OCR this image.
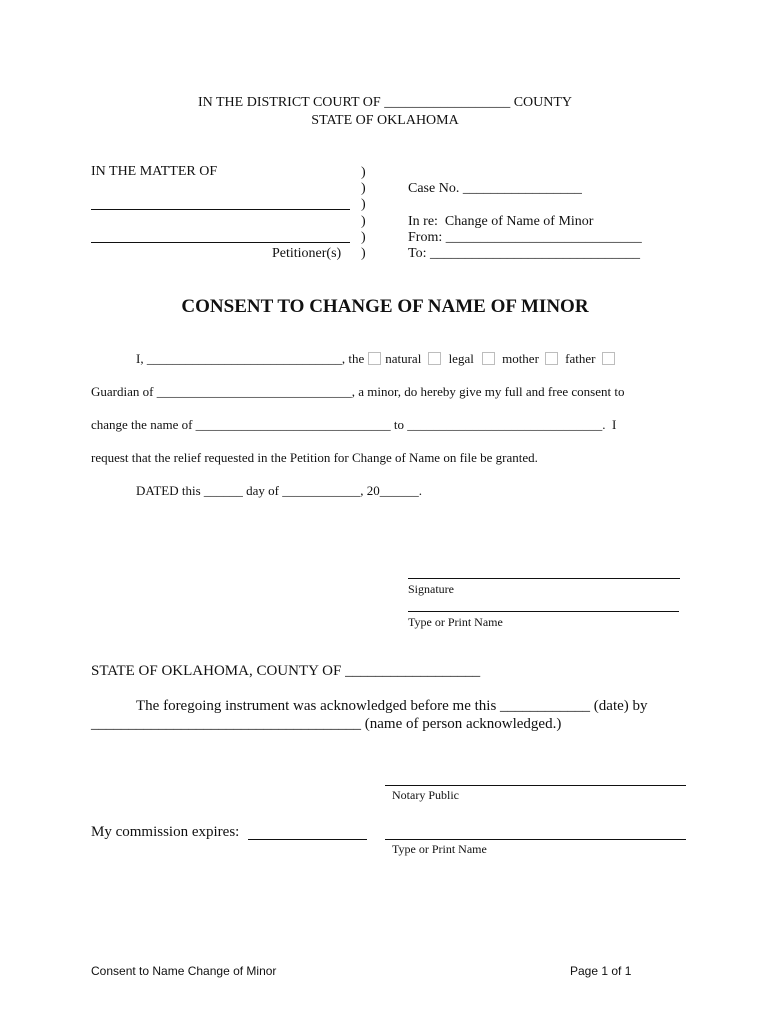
IN THE DISTRICT COURT OF __________________ COUNTY
STATE OF OKLAHOMA
IN THE MATTER OF
Petitioner(s)
)
)
)
)
)
)
Case No. _________________
In re:  Change of Name of Minor
From: ____________________________
To: ______________________________
CONSENT TO CHANGE OF NAME OF MINOR
I, ______________________________, the natural legal mother father
Guardian of ______________________________, a minor, do hereby give my full and free consent to
change the name of ______________________________ to ______________________________.  I
request that the relief requested in the Petition for Change of Name on file be granted.
DATED this ______ day of ____________, 20______.
Signature
Type or Print Name
STATE OF OKLAHOMA, COUNTY OF __________________
The foregoing instrument was acknowledged before me this ____________ (date) by
____________________________________ (name of person acknowledged.)
Notary Public
My commission expires:
Type or Print Name
Consent to Name Change of Minor	Page 1 of 1
